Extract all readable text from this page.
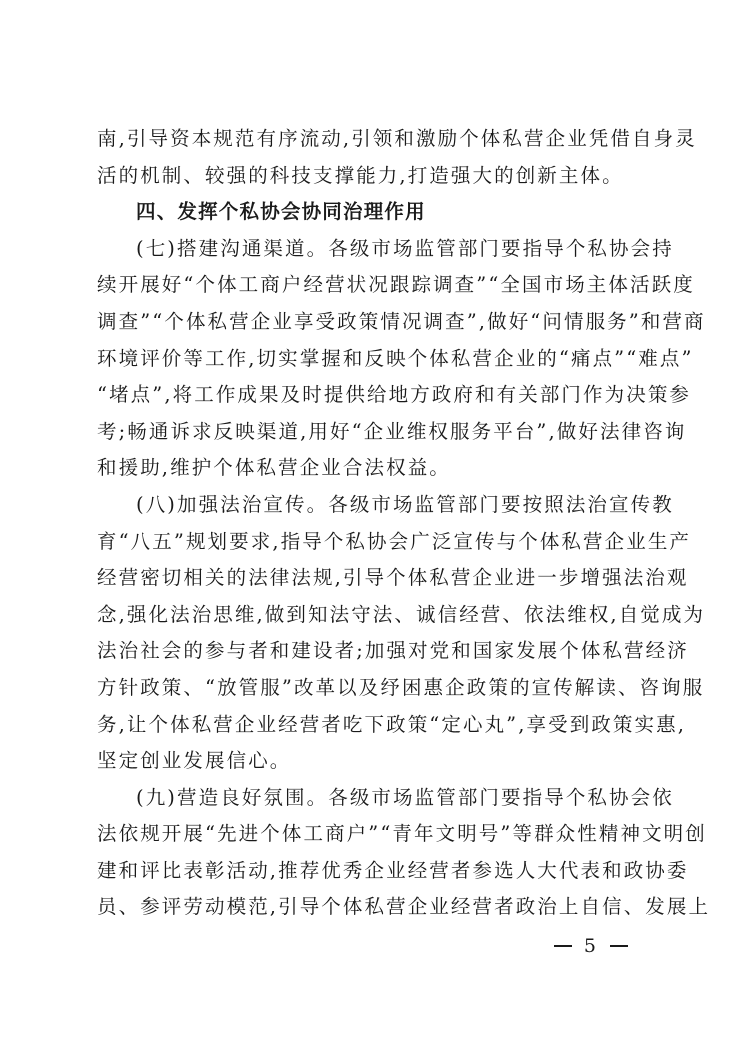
南,引导资本规范有序流动,引领和激励个体私营企业凭借自身灵
活的机制、较强的科技支撑能力,打造强大的创新主体。
四、发挥个私协会协同治理作用
(七)搭建沟通渠道。各级市场监管部门要指导个私协会持
续开展好“个体工商户经营状况跟踪调查”“全国市场主体活跃度
调查”“个体私营企业享受政策情况调查”,做好“问情服务”和营商
环境评价等工作,切实掌握和反映个体私营企业的“痛点”“难点”
“堵点”,将工作成果及时提供给地方政府和有关部门作为决策参
考;畅通诉求反映渠道,用好“企业维权服务平台”,做好法律咨询
和援助,维护个体私营企业合法权益。
(八)加强法治宣传。各级市场监管部门要按照法治宣传教
育“八五”规划要求,指导个私协会广泛宣传与个体私营企业生产
经营密切相关的法律法规,引导个体私营企业进一步增强法治观
念,强化法治思维,做到知法守法、诚信经营、依法维权,自觉成为
法治社会的参与者和建设者;加强对党和国家发展个体私营经济
方针政策、“放管服”改革以及纾困惠企政策的宣传解读、咨询服
务,让个体私营企业经营者吃下政策“定心丸”,享受到政策实惠,
坚定创业发展信心。
(九)营造良好氛围。各级市场监管部门要指导个私协会依
法依规开展“先进个体工商户”“青年文明号”等群众性精神文明创
建和评比表彰活动,推荐优秀企业经营者参选人大代表和政协委
员、参评劳动模范,引导个体私营企业经营者政治上自信、发展上
5
